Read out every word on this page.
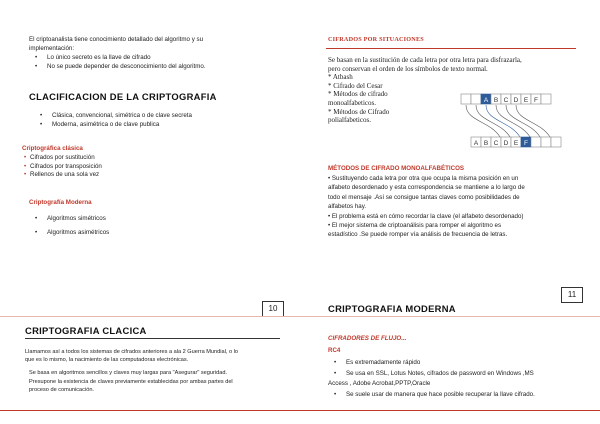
El criptoanalista tiene conocimiento detallado del algoritmo y su
implementación:
• Lo único secreto es la llave de cifrado
• No se puede depender de desconocimiento del algoritmo.
CLACIFICACION DE LA CRIPTOGRAFIA
• Clásica, convencional, simétrica o de clave secreta
• Moderna, asimétrica o de clave publica
Criptográfica clásica
• Cifrados por sustitución
• Cifrados por transposición
• Rellenos de una sola vez
Criptografía Moderna
• Algoritmos simétricos
• Algoritmos asimétricos
10
CIFRADOS POR SITUACIONES
Se basan en la sustitución de cada letra por otra letra para disfrazarla,
pero conservan el orden de los símbolos de texto normal.
* Atbash
* Cifrado del Cesar
* Métodos de cifrado
monoalfabeticos.
* Métodos de Cifrado
polialfabeticos.
A B C D E F
A B C D E F
MÉTODOS DE CIFRADO MONOALFABÉTICOS
• Sustituyendo cada letra por otra que ocupa la misma posición en un
alfabeto desordenado y esta correspondencia se mantiene a lo largo de
todo el mensaje .Así se consigue tantas claves como posibilidades de
alfabetos hay.
• El problema está en cómo recordar la clave (el alfabeto desordenado)
• El mejor sistema de criptoanálisis para romper el algoritmo es
estadístico .Se puede romper vía análisis de frecuencia de letras.
11
CRIPTOGRAFIA CLACICA
Llamamos así a todos los sistemas de cifrados anteriores a ala 2 Guerra Mundial, o lo
que es lo mismo, la nacimiento de las computadoras electrónicas.
Se basa en algoritmos sencillos y claves muy largas para "Asegurar" seguridad.
Presupone la existencia de claves previamente establecidas por ambas partes del
proceso de comunicación.
CRIPTOGRAFIA MODERNA
CIFRADORES DE FLUJO...
RC4
• Es extremadamente rápido
• Se usa en SSL, Lotus Notes, cifrados de password en Windows ,MS
Access , Adobe Acrobat,PPTP,Oracle
• Se suele usar de manera que hace posible recuperar la llave cifrado.
